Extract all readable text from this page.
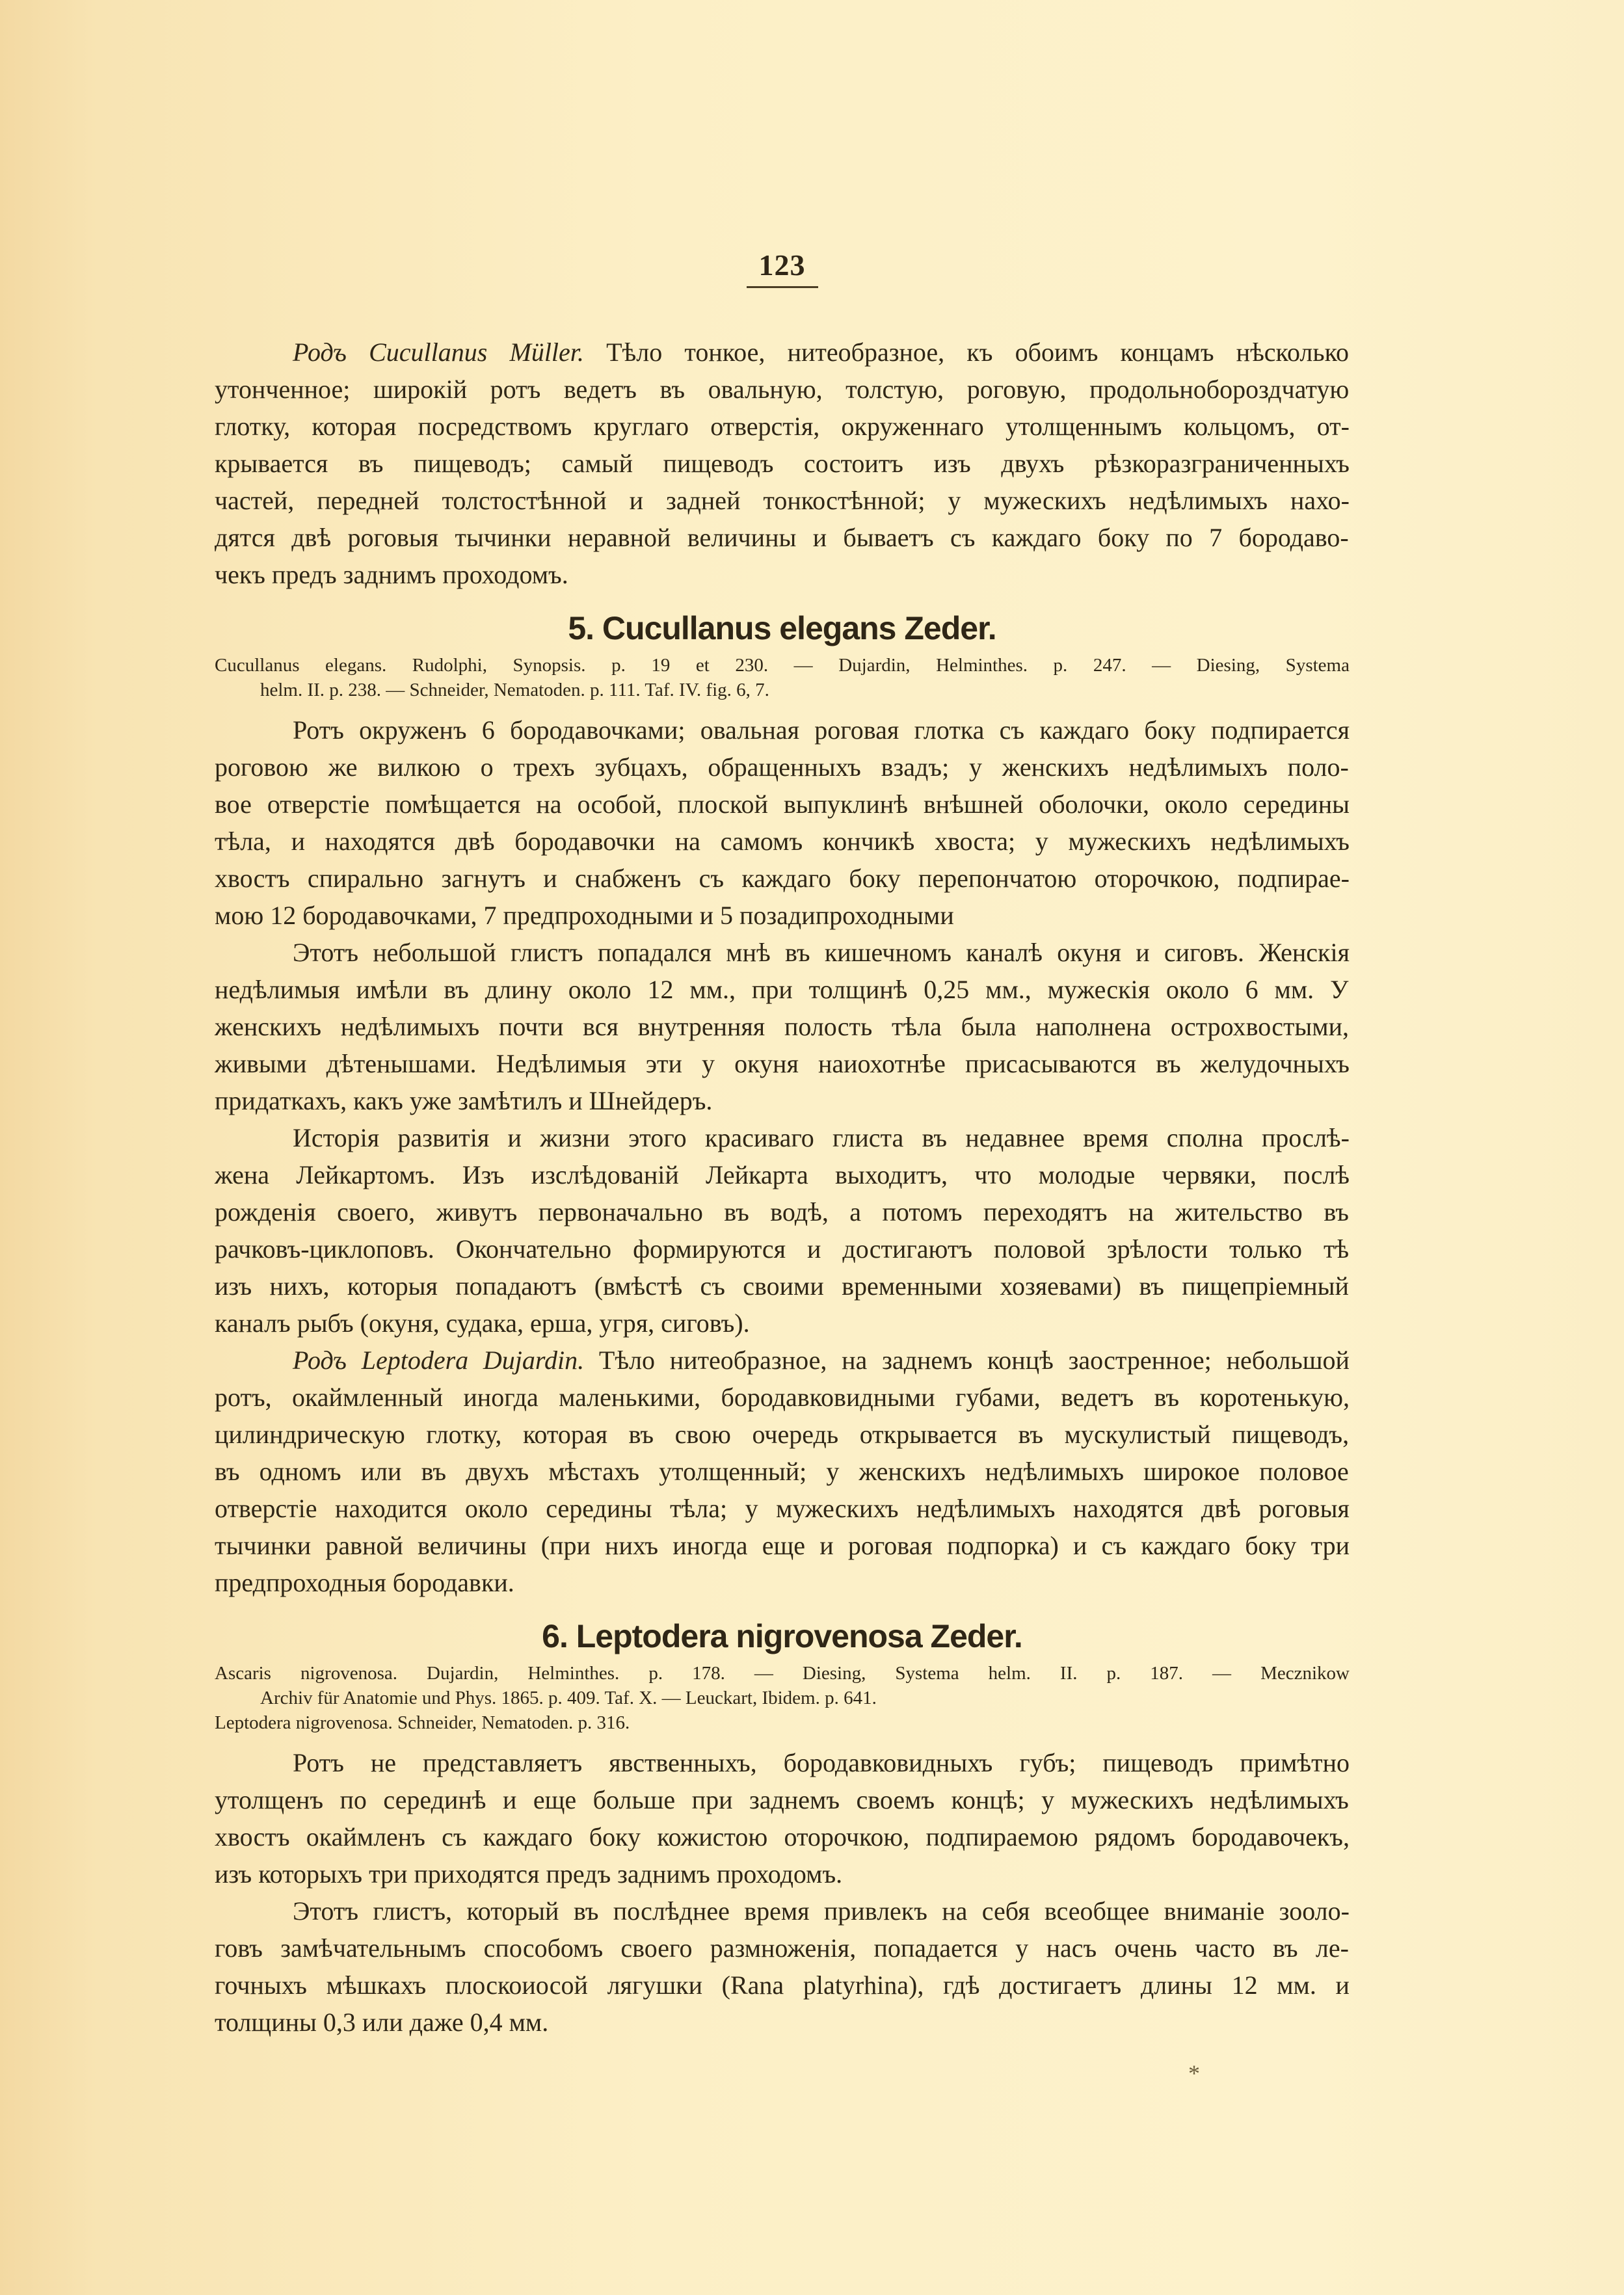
123
Родъ Cucullanus Müller. Тѣло тонкое, нитеобразное, къ обоимъ концамъ нѣсколько
утонченное; широкій ротъ ведетъ въ овальную, толстую, роговую, продольнобороздчатую
глотку, которая посредствомъ круглаго отверстія, окруженнаго утолщеннымъ кольцомъ, от-
крывается въ пищеводъ; самый пищеводъ состоитъ изъ двухъ рѣзкоразграниченныхъ
частей, передней толстостѣнной и задней тонкостѣнной; у мужескихъ недѣлимыхъ нахо-
дятся двѣ роговыя тычинки неравной величины и бываетъ съ каждаго боку по 7 бородаво-
чекъ предъ заднимъ проходомъ.
5. Cucullanus elegans Zeder.
Cucullanus elegans. Rudolphi, Synopsis. p. 19 et 230. — Dujardin, Helminthes. p. 247. — Diesing, Systema
helm. II. p. 238. — Schneider, Nematoden. p. 111. Taf. IV. fig. 6, 7.
Ротъ окруженъ 6 бородавочками; овальная роговая глотка съ каждаго боку подпирается
роговою же вилкою о трехъ зубцахъ, обращенныхъ взадъ; у женскихъ недѣлимыхъ поло-
вое отверстіе помѣщается на особой, плоской выпуклинѣ внѣшней оболочки, около середины
тѣла, и находятся двѣ бородавочки на самомъ кончикѣ хвоста; у мужескихъ недѣлимыхъ
хвостъ спирально загнутъ и снабженъ съ каждаго боку перепончатою оторочкою, подпирае-
мою 12 бородавочками, 7 предпроходными и 5 позадипроходными
Этотъ небольшой глистъ попадался мнѣ въ кишечномъ каналѣ окуня и сиговъ. Женскія
недѣлимыя имѣли въ длину около 12 мм., при толщинѣ 0,25 мм., мужескія около 6 мм. У
женскихъ недѣлимыхъ почти вся внутренняя полость тѣла была наполнена острохвостыми,
живыми дѣтенышами. Недѣлимыя эти у окуня наиохотнѣе присасываются въ желудочныхъ
придаткахъ, какъ уже замѣтилъ и Шнейдеръ.
Исторія развитія и жизни этого красиваго глиста въ недавнее время сполна прослѣ-
жена Лейкартомъ. Изъ изслѣдованій Лейкарта выходитъ, что молодые червяки, послѣ
рожденія своего, живутъ первоначально въ водѣ, а потомъ переходятъ на жительство въ
рачковъ-циклоповъ. Окончательно формируются и достигаютъ половой зрѣлости только тѣ
изъ нихъ, которыя попадаютъ (вмѣстѣ съ своими временными хозяевами) въ пищепріемный
каналъ рыбъ (окуня, судака, ерша, угря, сиговъ).
Родъ Leptodera Dujardin. Тѣло нитеобразное, на заднемъ концѣ заостренное; небольшой
ротъ, окаймленный иногда маленькими, бородавковидными губами, ведетъ въ коротенькую,
цилиндрическую глотку, которая въ свою очередь открывается въ мускулистый пищеводъ,
въ одномъ или въ двухъ мѣстахъ утолщенный; у женскихъ недѣлимыхъ широкое половое
отверстіе находится около середины тѣла; у мужескихъ недѣлимыхъ находятся двѣ роговыя
тычинки равной величины (при нихъ иногда еще и роговая подпорка) и съ каждаго боку три
предпроходныя бородавки.
6. Leptodera nigrovenosa Zeder.
Ascaris nigrovenosa. Dujardin, Helminthes. p. 178. — Diesing, Systema helm. II. p. 187. — Mecznikow
Archiv für Anatomie und Phys. 1865. p. 409. Taf. X. — Leuckart, Ibidem. p. 641.
Leptodera nigrovenosa. Schneider, Nematoden. p. 316.
Ротъ не представляетъ явственныхъ, бородавковидныхъ губъ; пищеводъ примѣтно
утолщенъ по серединѣ и еще больше при заднемъ своемъ концѣ; у мужескихъ недѣлимыхъ
хвостъ окаймленъ съ каждаго боку кожистою оторочкою, подпираемою рядомъ бородавочекъ,
изъ которыхъ три приходятся предъ заднимъ проходомъ.
Этотъ глистъ, который въ послѣднее время привлекъ на себя всеобщее вниманіе зооло-
говъ замѣчательнымъ способомъ своего размноженія, попадается у насъ очень часто въ ле-
гочныхъ мѣшкахъ плоскоиосой лягушки (Rana platyrhina), гдѣ достигаетъ длины 12 мм. и
толщины 0,3 или даже 0,4 мм.
*
